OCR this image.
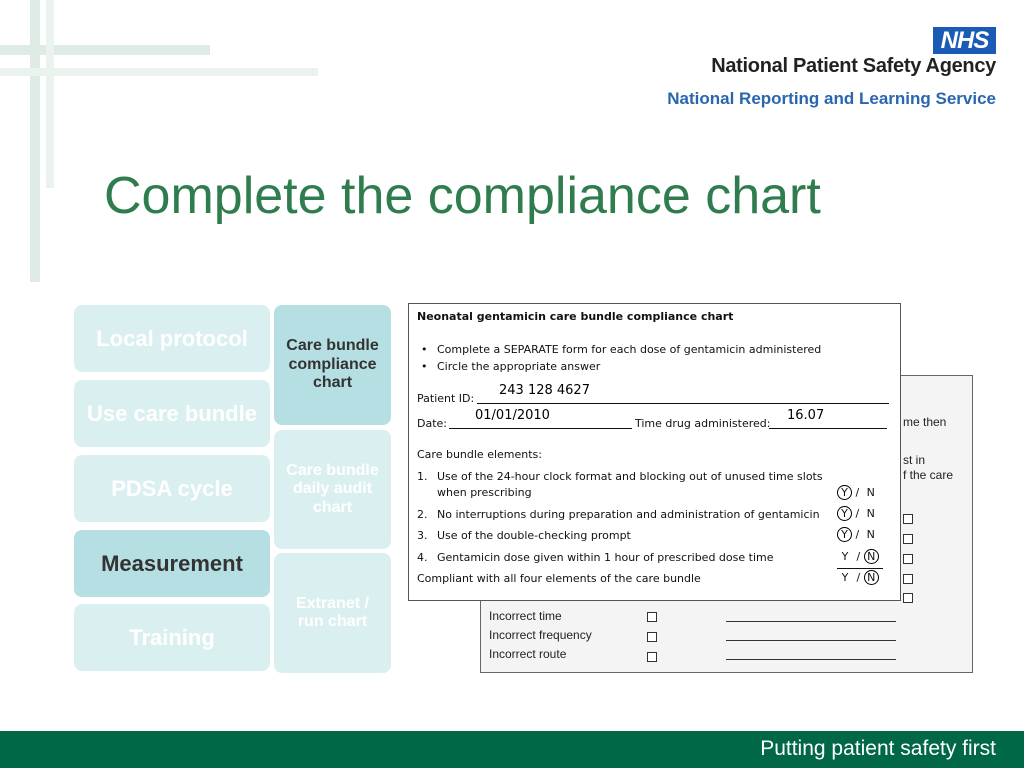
NHS
National Patient Safety Agency
National Reporting and Learning Service
Complete the compliance chart
Local protocol
Use care bundle
PDSA cycle
Measurement
Training
Care bundle compliance chart
Care bundle daily audit chart
Extranet / run chart
me then
st in
f the care
Incorrect time
Incorrect frequency
Incorrect route
Neonatal gentamicin care bundle compliance chart
• Complete a SEPARATE form for each dose of gentamicin administered
• Circle the appropriate answer
Patient ID:
243 128 4627
Date:
01/01/2010
Time drug administered:
16.07
Care bundle elements:
1. Use of the 24-hour clock format and blocking out of unused time slots
when prescribing	Y / N
2. No interruptions during preparation and administration of gentamicin	Y / N
3. Use of the double-checking prompt	Y / N
4. Gentamicin dose given within 1 hour of prescribed dose time	Y / N
Compliant with all four elements of the care bundle	Y / N
Putting patient safety first
